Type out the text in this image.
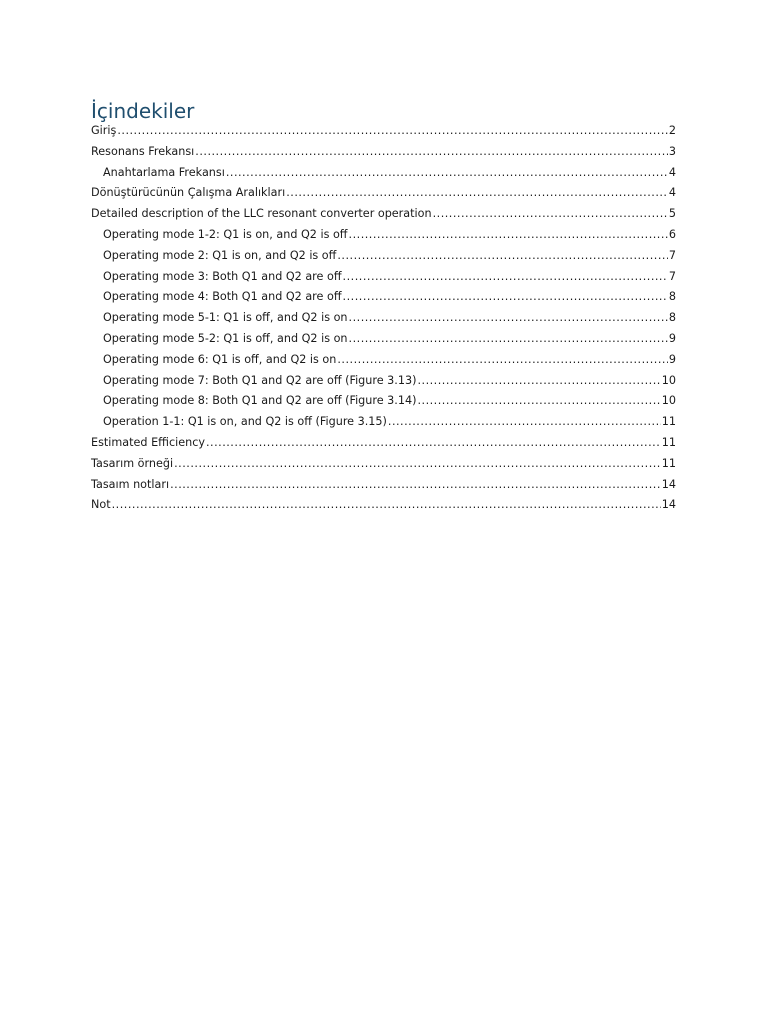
İçindekiler
Giriş .....	2
Resonans Frekansı .....	3
Anahtarlama Frekansı .....	4
Dönüştürücünün Çalışma Aralıkları .....	4
Detailed description of the LLC resonant converter operation .....	5
Operating mode 1-2: Q1 is on, and Q2 is off .....	6
Operating mode 2: Q1 is on, and Q2 is off .....	7
Operating mode 3: Both Q1 and Q2 are off .....	7
Operating mode 4: Both Q1 and Q2 are off .....	8
Operating mode 5-1: Q1 is off, and Q2 is on .....	8
Operating mode 5-2: Q1 is off, and Q2 is on .....	9
Operating mode 6: Q1 is off, and Q2 is on .....	9
Operating mode 7: Both Q1 and Q2 are off (Figure 3.13) .....	10
Operating mode 8: Both Q1 and Q2 are off (Figure 3.14) .....	10
Operation 1-1: Q1 is on, and Q2 is off (Figure 3.15) .....	11
Estimated Efficiency .....	11
Tasarım örneği .....	11
Tasaım notları .....	14
Not .....	14
